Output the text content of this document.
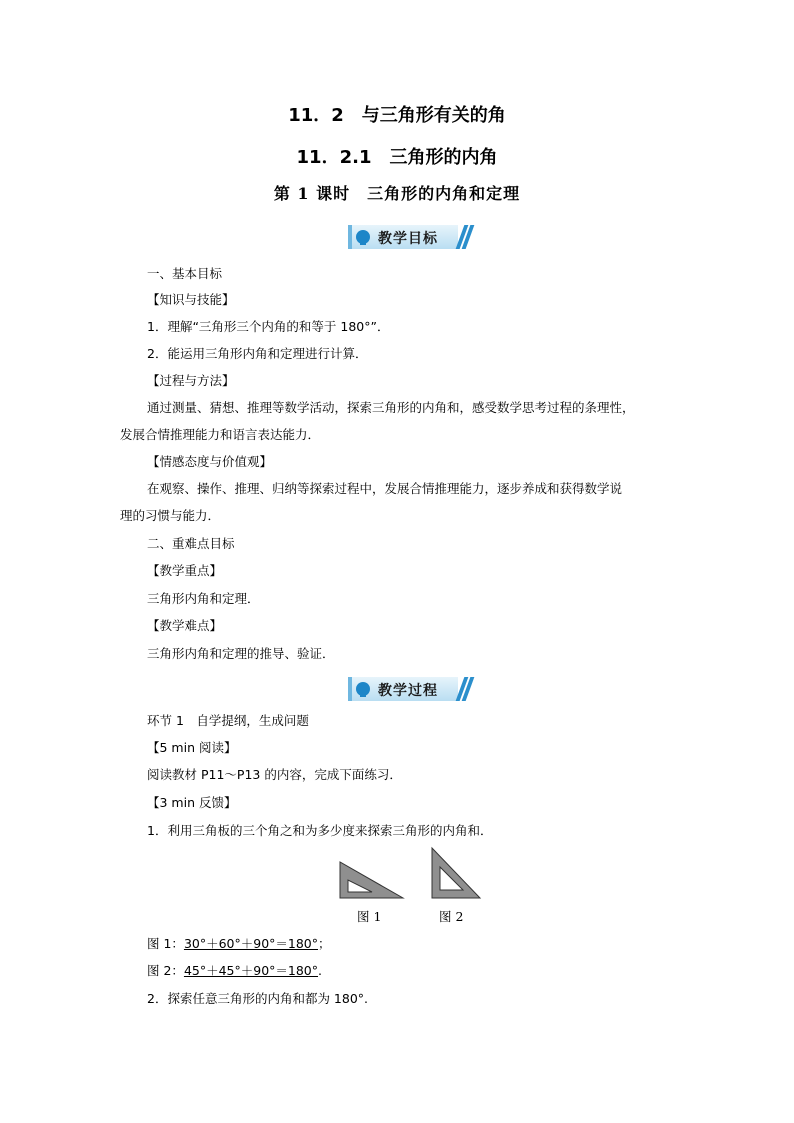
11．2　与三角形有关的角
11．2.1　三角形的内角
第 1 课时　三角形的内角和定理
教学目标
一、基本目标
【知识与技能】
1．理解“三角形三个内角的和等于 180°”．
2．能运用三角形内角和定理进行计算．
【过程与方法】
通过测量、猜想、推理等数学活动，探索三角形的内角和，感受数学思考过程的条理性，
发展合情推理能力和语言表达能力．
【情感态度与价值观】
在观察、操作、推理、归纳等探索过程中，发展合情推理能力，逐步养成和获得数学说
理的习惯与能力．
二、重难点目标
【教学重点】
三角形内角和定理．
【教学难点】
三角形内角和定理的推导、验证．
教学过程
环节 1　自学提纲，生成问题
【5 min 阅读】
阅读教材 P11～P13 的内容，完成下面练习．
【3 min 反馈】
1．利用三角板的三个角之和为多少度来探索三角形的内角和．
图 1	图 2
图 1：30°＋60°＋90°＝180°；
图 2：45°＋45°＋90°＝180°.
2．探索任意三角形的内角和都为 180°.
